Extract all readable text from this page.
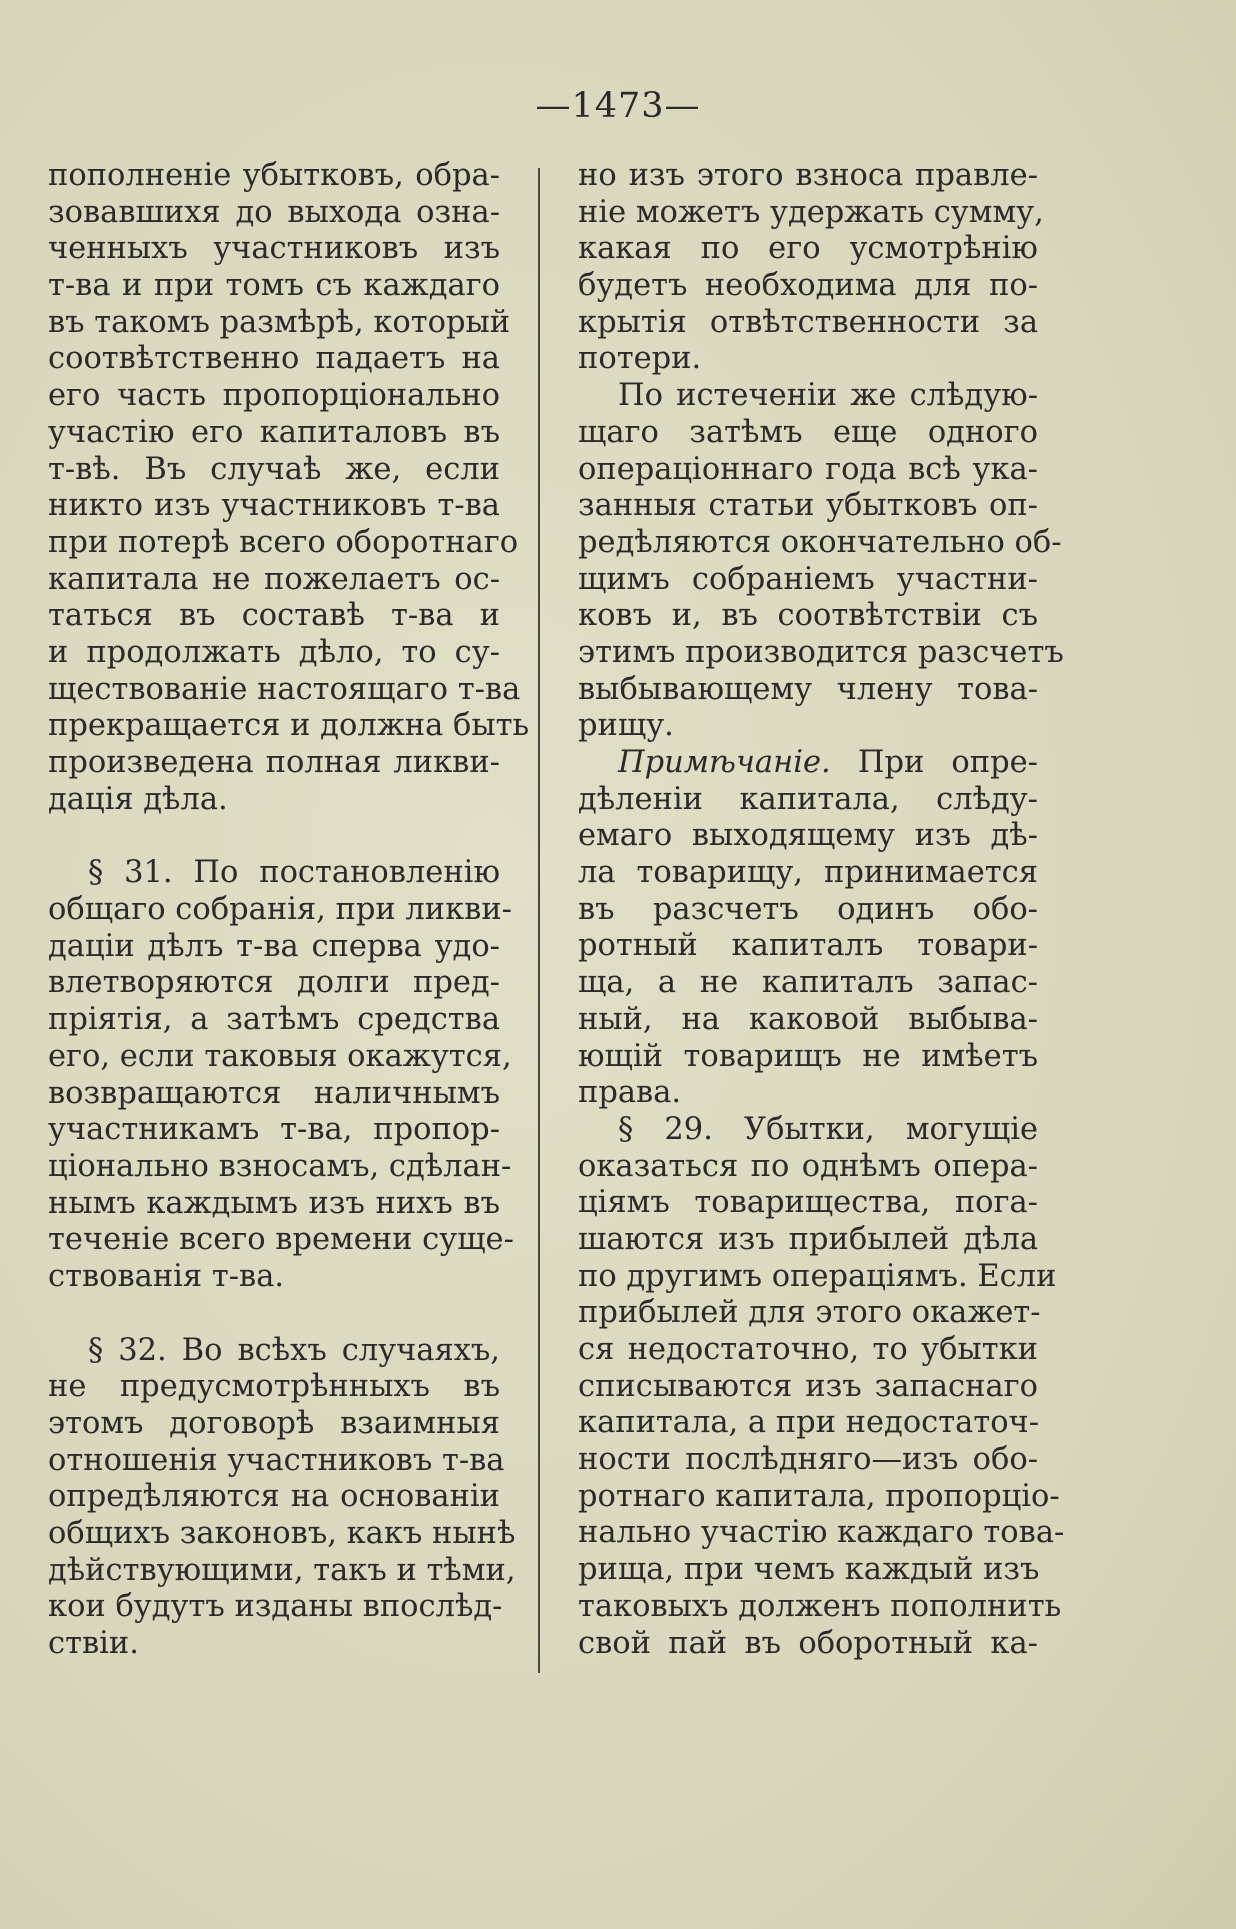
—1473—
пополненіе убытковъ, обра-
зовавшихя до выхода озна-
ченныхъ участниковъ изъ
т-ва и при томъ съ каждаго
въ такомъ размѣрѣ, который
соотвѣтственно падаетъ на
его часть пропорціонально
участію его капиталовъ въ
т-вѣ. Въ случаѣ же, если
никто изъ участниковъ т-ва
при потерѣ всего оборотнаго
капитала не пожелаетъ ос-
таться въ составѣ т-ва и
и продолжать дѣло, то су-
ществованіе настоящаго т-ва
прекращается и должна быть
произведена полная ликви-
дація дѣла.
§ 31. По постановленію
общаго собранія, при ликви-
даціи дѣлъ т-ва сперва удо-
влетворяются долги пред-
пріятія, а затѣмъ средства
его, если таковыя окажутся,
возвращаются наличнымъ
участникамъ т-ва, пропор-
ціонально взносамъ, сдѣлан-
нымъ каждымъ изъ нихъ въ
теченіе всего времени суще-
ствованія т-ва.
§ 32. Во всѣхъ случаяхъ,
не предусмотрѣнныхъ въ
этомъ договорѣ взаимныя
отношенія участниковъ т-ва
опредѣляются на основаніи
общихъ законовъ, какъ нынѣ
дѣйствующими, такъ и тѣми,
кои будутъ изданы впослѣд-
ствіи.
но изъ этого взноса правле-
ніе можетъ удержать сумму,
какая по его усмотрѣнію
будетъ необходима для по-
крытія отвѣтственности за
потери.
По истеченіи же слѣдую-
щаго затѣмъ еще одного
операціоннаго года всѣ ука-
занныя статьи убытковъ оп-
редѣляются окончательно об-
щимъ собраніемъ участни-
ковъ и, въ соотвѣтствіи съ
этимъ производится разсчетъ
выбывающему члену това-
рищу.
Примѣчаніе. При опре-
дѣленіи капитала, слѣду-
емаго выходящему изъ дѣ-
ла товарищу, принимается
въ разсчетъ одинъ обо-
ротный капиталъ товари-
ща, а не капиталъ запас-
ный, на каковой выбыва-
ющій товарищъ не имѣетъ
права.
§ 29. Убытки, могущіе
оказаться по однѣмъ опера-
ціямъ товарищества, пога-
шаются изъ прибылей дѣла
по другимъ операціямъ. Если
прибылей для этого окажет-
ся недостаточно, то убытки
списываются изъ запаснаго
капитала, а при недостаточ-
ности послѣдняго—изъ обо-
ротнаго капитала, пропорціо-
нально участію каждаго това-
рища, при чемъ каждый изъ
таковыхъ долженъ пополнить
свой пай въ оборотный ка-
